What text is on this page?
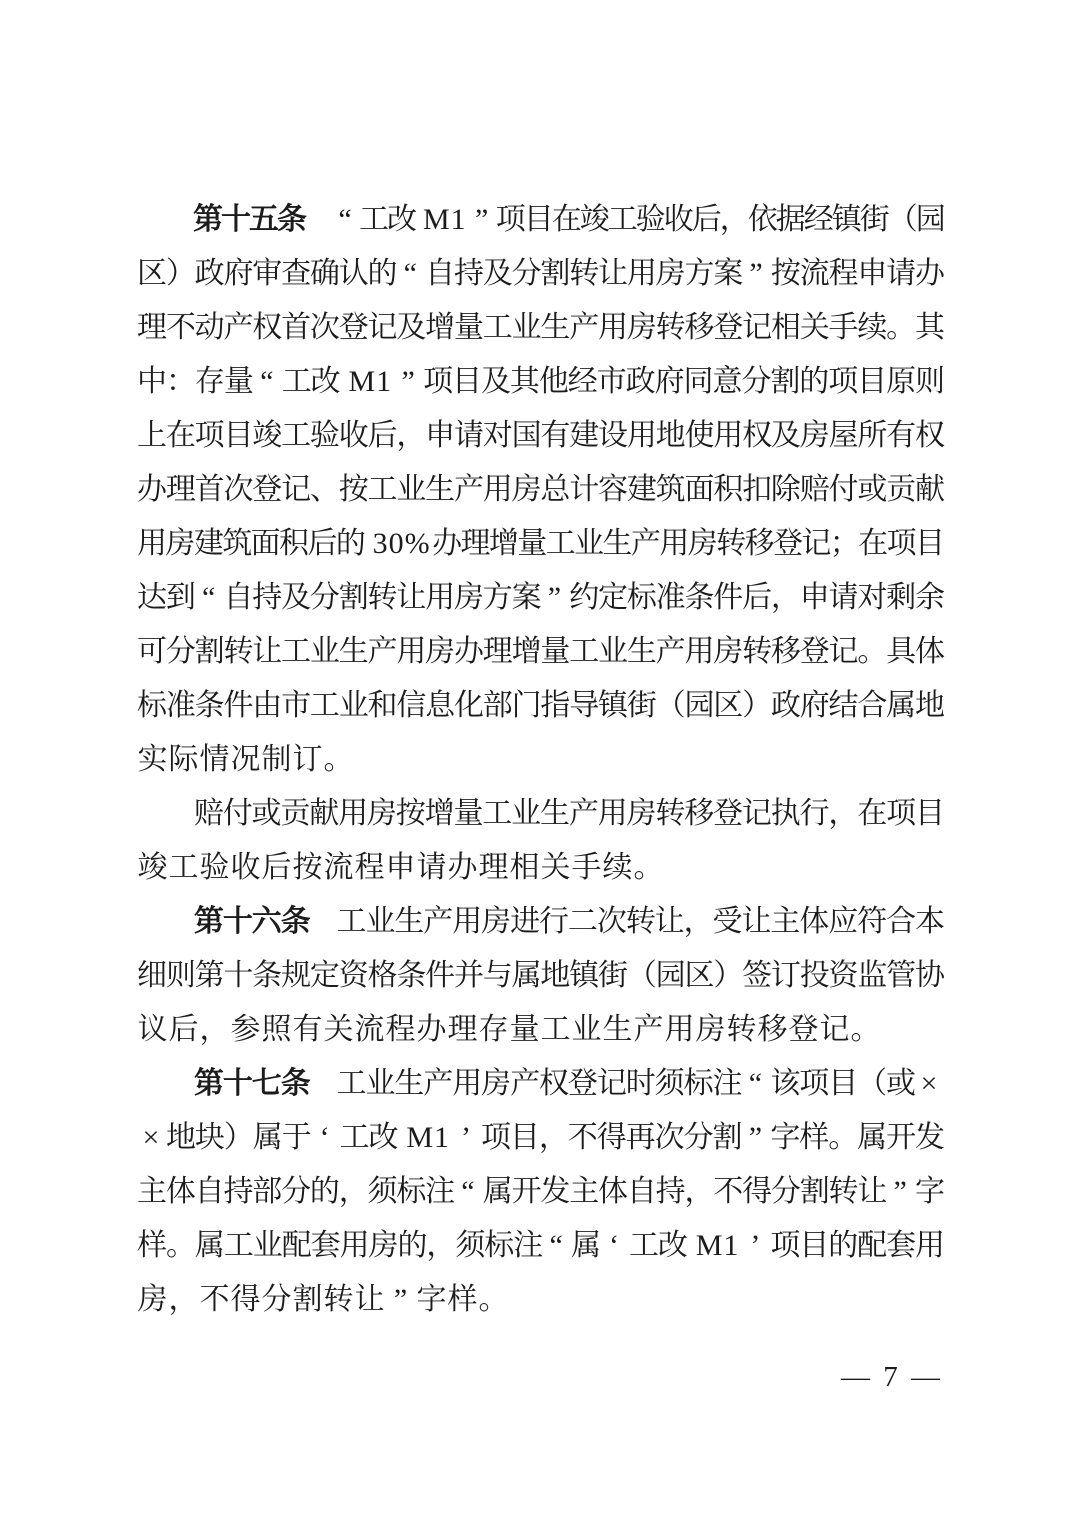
第
十
五
条 “ 工
改 M1 ” 项
目
在
竣
工
验
收
后
，
依
据
经
镇
街
（
园
区
）
政
府
审
查
确
认
的 “ 自
持
及
分
割
转
让
用
房
方
案 ” 按
流
程
申
请
办
理
不
动
产
权
首
次
登
记
及
增
量
工
业
生
产
用
房
转
移
登
记
相
关
手
续
。
其
中
：
存
量 “ 工
改 M1 ” 项
目
及
其
他
经
市
政
府
同
意
分
割
的
项
目
原
则
上
在
项
目
竣
工
验
收
后
，
申
请
对
国
有
建
设
用
地
使
用
权
及
房
屋
所
有
权
办
理
首
次
登
记
、
按
工
业
生
产
用
房
总
计
容
建
筑
面
积
扣
除
赔
付
或
贡
献
用
房
建
筑
面
积
后
的 30% 办
理
增
量
工
业
生
产
用
房
转
移
登
记
；
在
项
目
达
到 “ 自
持
及
分
割
转
让
用
房
方
案 ” 约
定
标
准
条
件
后
，
申
请
对
剩
余
可
分
割
转
让
工
业
生
产
用
房
办
理
增
量
工
业
生
产
用
房
转
移
登
记
。
具
体
标
准
条
件
由
市
工
业
和
信
息
化
部
门
指
导
镇
街
（
园
区
）
政
府
结
合
属
地
实 际 情 况 制 订 。
赔
付
或
贡
献
用
房
按
增
量
工
业
生
产
用
房
转
移
登
记
执
行
，
在
项
目
竣 工 验 收 后 按 流 程 申 请 办 理 相 关 手 续 。
第
十
六
条 工
业
生
产
用
房
进
行
二
次
转
让
，
受
让
主
体
应
符
合
本
细
则
第
十
条
规
定
资
格
条
件
并
与
属
地
镇
街
（
园
区
）
签
订
投
资
监
管
协
议 后 ， 参 照 有 关 流 程 办 理 存 量 工 业 生 产 用 房 转 移 登 记 。
第
十
七
条 工
业
生
产
用
房
产
权
登
记
时
须
标
注 “ 该
项
目
（
或 ×
× 地
块
）
属
于 ‘ 工
改 M1 ’ 项
目
，
不
得
再
次
分
割 ” 字
样
。
属
开
发
主
体
自
持
部
分
的
，
须
标
注 “ 属
开
发
主
体
自
持
，
不
得
分
割
转
让 ” 字
样
。
属
工
业
配
套
用
房
的
，
须
标
注 “ 属 ‘ 工
改 M1 ’ 项
目
的
配
套
用
房 ， 不 得 分 割 转 让 ” 字 样 。
— 7 —
